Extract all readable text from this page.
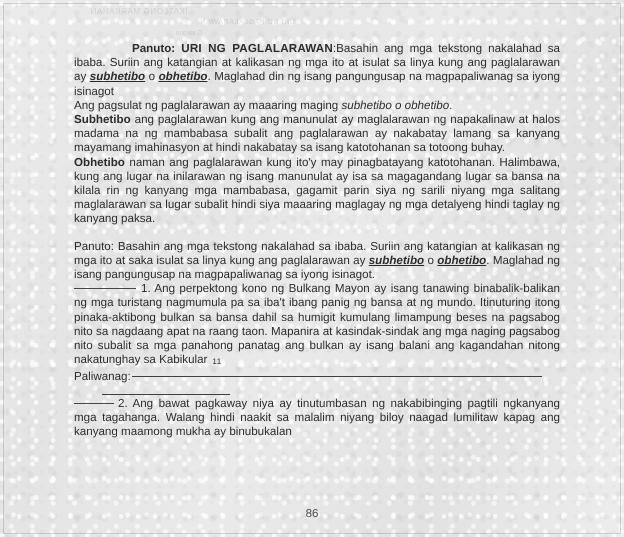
IKATLONG MARKAHAN
URI NG PAGLALARAWAN
Gawain

Panuto: URI NG PAGLALARAWAN:Basahin ang mga tekstong nakalahad sa ibaba. Suriin ang katangian at kalikasan ng mga ito at isulat sa linya kung ang paglalarawan ay subhetibo o obhetibo. Maglahad din ng isang pangungusap na magpapaliwanag sa iyong isinagot

Ang pagsulat ng paglalarawan ay maaaring maging subhetibo o obhetibo.

Subhetibo ang paglalarawan kung ang manunulat ay maglalarawan ng napakalinaw at halos madama na ng mambabasa subalit ang paglalarawan ay nakabatay lamang sa kanyang mayamang imahinasyon at hindi nakabatay sa isang katotohanan sa totoong buhay.

Obhetibo naman ang paglalarawan kung ito'y may pinagbatayang katotohanan. Halimbawa, kung ang lugar na inilarawan ng isang manunulat ay isa sa magagandang lugar sa bansa na kilala rin ng kanyang mga mambabasa, gagamit parin siya ng sarili niyang mga salitang maglalarawan sa lugar subalit hindi siya maaaring maglagay ng mga detalyeng hindi taglay ng kanyang paksa.

Panuto: Basahin ang mga tekstong nakalahad sa ibaba. Suriin ang katangian at kalikasan ng mga ito at saka isulat sa linya kung ang paglalarawan ay subhetibo o obhetibo. Maglahad ng isang pangungusap na magpapaliwanag sa iyong isinagot.

1. Ang perpektong kono ng Bulkang Mayon ay isang tanawing binabalik-balikan ng mga turistang nagmumula pa sa iba't ibang panig ng bansa at ng mundo. Itinuturing itong pinaka-aktibong bulkan sa bansa dahil sa humigit kumulang limampung beses na pagsabog nito sa nagdaang apat na raang taon. Mapanira at kasindak-sindak ang mga naging pagsabog nito subalit sa mga panahong panatag ang bulkan ay isang balani ang kagandahan nitong nakatunghay sa Kabikular 11

Paliwanag:

2. Ang bawat pagkaway niya ay tinutumbasan ng nakabibinging pagtili ngkanyang mga tagahanga. Walang hindi naakit sa malalim niyang biloy naagad lumilitaw kapag ang kanyang maamong mukha ay binubukalan

86
